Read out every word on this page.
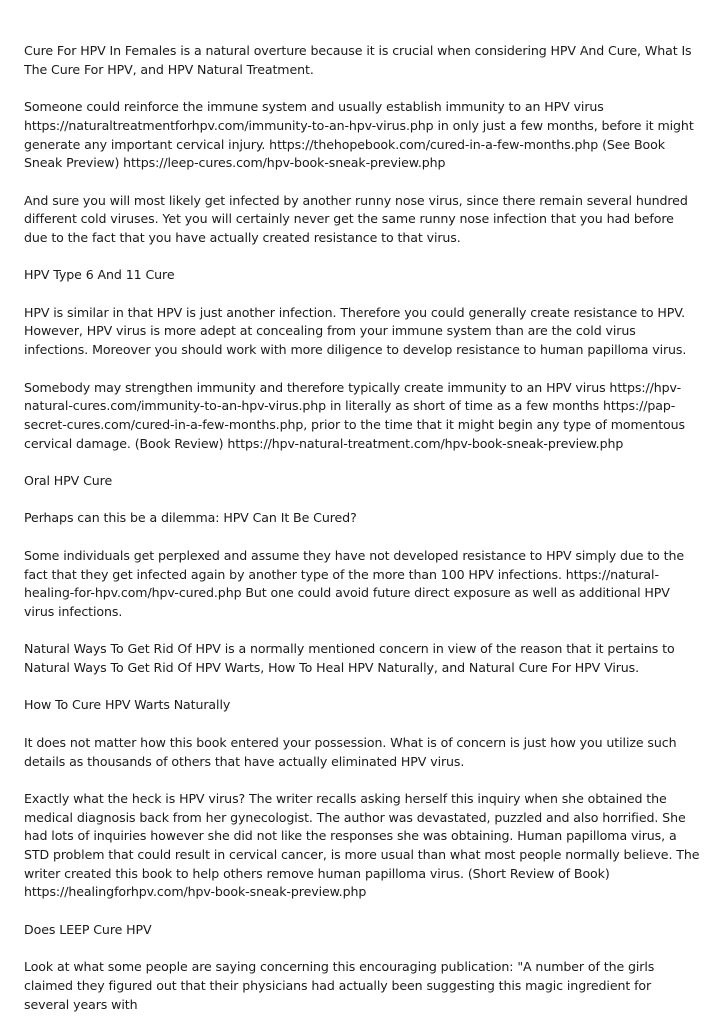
Cure For HPV In Females is a natural overture because it is crucial when considering HPV And Cure, What Is The Cure For HPV, and HPV Natural Treatment.

Someone could reinforce the immune system and usually establish immunity to an HPV virus https://naturaltreatmentforhpv.com/immunity-to-an-hpv-virus.php in only just a few months, before it might generate any important cervical injury. https://thehopebook.com/cured-in-a-few-months.php (See Book Sneak Preview) https://leep-cures.com/hpv-book-sneak-preview.php

And sure you will most likely get infected by another runny nose virus, since there remain several hundred different cold viruses. Yet you will certainly never get the same runny nose infection that you had before due to the fact that you have actually created resistance to that virus.

HPV Type 6 And 11 Cure

HPV is similar in that HPV is just another infection. Therefore you could generally create resistance to HPV. However, HPV virus is more adept at concealing from your immune system than are the cold virus infections. Moreover you should work with more diligence to develop resistance to human papilloma virus.

Somebody may strengthen immunity and therefore typically create immunity to an HPV virus https://hpv-natural-cures.com/immunity-to-an-hpv-virus.php in literally as short of time as a few months https://pap-secret-cures.com/cured-in-a-few-months.php, prior to the time that it might begin any type of momentous cervical damage. (Book Review) https://hpv-natural-treatment.com/hpv-book-sneak-preview.php

Oral HPV Cure

Perhaps can this be a dilemma: HPV Can It Be Cured?

Some individuals get perplexed and assume they have not developed resistance to HPV simply due to the fact that they get infected again by another type of the more than 100 HPV infections. https://natural-healing-for-hpv.com/hpv-cured.php But one could avoid future direct exposure as well as additional HPV virus infections.

Natural Ways To Get Rid Of HPV is a normally mentioned concern in view of the reason that it pertains to Natural Ways To Get Rid Of HPV Warts, How To Heal HPV Naturally, and Natural Cure For HPV Virus.

How To Cure HPV Warts Naturally

It does not matter how this book entered your possession. What is of concern is just how you utilize such details as thousands of others that have actually eliminated HPV virus.

Exactly what the heck is HPV virus? The writer recalls asking herself this inquiry when she obtained the medical diagnosis back from her gynecologist. The author was devastated, puzzled and also horrified. She had lots of inquiries however she did not like the responses she was obtaining. Human papilloma virus, a STD problem that could result in cervical cancer, is more usual than what most people normally believe. The writer created this book to help others remove human papilloma virus. (Short Review of Book) https://healingforhpv.com/hpv-book-sneak-preview.php

Does LEEP Cure HPV

Look at what some people are saying concerning this encouraging publication: "A number of the girls claimed they figured out that their physicians had actually been suggesting this magic ingredient for several years with
